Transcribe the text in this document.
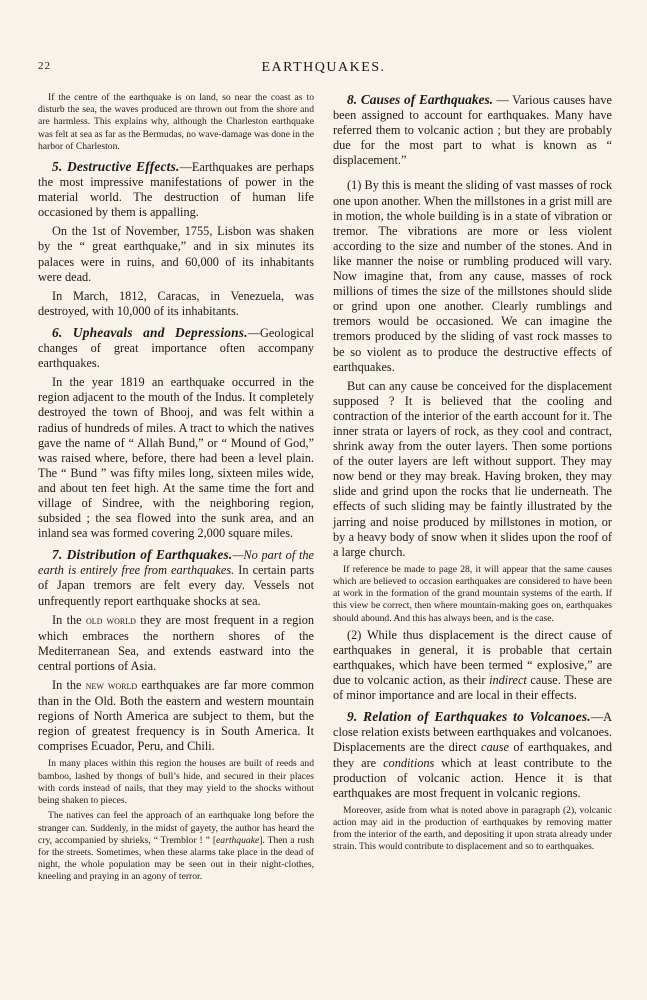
22	EARTHQUAKES.

If the centre of the earthquake is on land, so near the coast as to disturb the sea, the waves produced are thrown out from the shore and are harmless. This explains why, although the Charleston earthquake was felt at sea as far as the Bermudas, no wave-damage was done in the harbor of Charleston.

5. Destructive Effects.—Earthquakes are perhaps the most impressive manifestations of power in the material world. The destruction of human life occasioned by them is appalling.

On the 1st of November, 1755, Lisbon was shaken by the “ great earthquake,” and in six minutes its palaces were in ruins, and 60,000 of its inhabitants were dead.

In March, 1812, Caracas, in Venezuela, was destroyed, with 10,000 of its inhabitants.

6. Upheavals and Depressions.—Geological changes of great importance often accompany earthquakes.

In the year 1819 an earthquake occurred in the region adjacent to the mouth of the Indus. It completely destroyed the town of Bhooj, and was felt within a radius of hundreds of miles. A tract to which the natives gave the name of “ Allah Bund,” or “ Mound of God,” was raised where, before, there had been a level plain. The “ Bund ” was fifty miles long, sixteen miles wide, and about ten feet high. At the same time the fort and village of Sindree, with the neighboring region, subsided ; the sea flowed into the sunk area, and an inland sea was formed covering 2,000 square miles.

7. Distribution of Earthquakes.—No part of the earth is entirely free from earthquakes. In certain parts of Japan tremors are felt every day. Vessels not unfrequently report earthquake shocks at sea.

In the old world they are most frequent in a region which embraces the northern shores of the Mediterranean Sea, and extends eastward into the central portions of Asia.

In the new world earthquakes are far more common than in the Old. Both the eastern and western mountain regions of North America are subject to them, but the region of greatest frequency is in South America. It comprises Ecuador, Peru, and Chili.

In many places within this region the houses are built of reeds and bamboo, lashed by thongs of bull’s hide, and secured in their places with cords instead of nails, that they may yield to the shocks without being shaken to pieces.

The natives can feel the approach of an earthquake long before the stranger can. Suddenly, in the midst of gayety, the author has heard the cry, accompanied by shrieks, “ Tremblor ! ” [earthquake]. Then a rush for the streets. Sometimes, when these alarms take place in the dead of night, the whole population may be seen out in their night-clothes, kneeling and praying in an agony of terror.

8. Causes of Earthquakes. — Various causes have been assigned to account for earthquakes. Many have referred them to volcanic action ; but they are probably due for the most part to what is known as “ displacement.”

(1) By this is meant the sliding of vast masses of rock one upon another. When the millstones in a grist mill are in motion, the whole building is in a state of vibration or tremor. The vibrations are more or less violent according to the size and number of the stones. And in like manner the noise or rumbling produced will vary. Now imagine that, from any cause, masses of rock millions of times the size of the millstones should slide or grind upon one another. Clearly rumblings and tremors would be occasioned. We can imagine the tremors produced by the sliding of vast rock masses to be so violent as to produce the destructive effects of earthquakes.

But can any cause be conceived for the displacement supposed ? It is believed that the cooling and contraction of the interior of the earth account for it. The inner strata or layers of rock, as they cool and contract, shrink away from the outer layers. Then some portions of the outer layers are left without support. They may now bend or they may break. Having broken, they may slide and grind upon the rocks that lie underneath. The effects of such sliding may be faintly illustrated by the jarring and noise produced by millstones in motion, or by a heavy body of snow when it slides upon the roof of a large church.

If reference be made to page 28, it will appear that the same causes which are believed to occasion earthquakes are considered to have been at work in the formation of the grand mountain systems of the earth. If this view be correct, then where mountain-making goes on, earthquakes should abound. And this has always been, and is the case.

(2) While thus displacement is the direct cause of earthquakes in general, it is probable that certain earthquakes, which have been termed “ explosive,” are due to volcanic action, as their indirect cause. These are of minor importance and are local in their effects.

9. Relation of Earthquakes to Volcanoes.—A close relation exists between earthquakes and volcanoes. Displacements are the direct cause of earthquakes, and they are conditions which at least contribute to the production of volcanic action. Hence it is that earthquakes are most frequent in volcanic regions.

Moreover, aside from what is noted above in paragraph (2), volcanic action may aid in the production of earthquakes by removing matter from the interior of the earth, and depositing it upon strata already under strain. This would contribute to displacement and so to earthquakes.
